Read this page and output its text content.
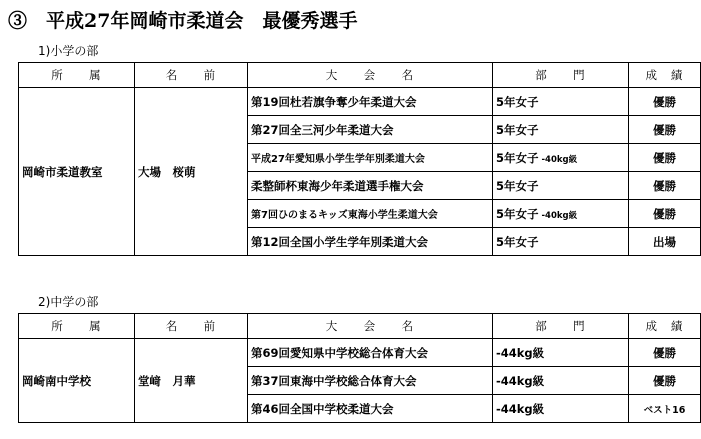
③　平成27年岡崎市柔道会　最優秀選手
1)小学の部
所　　属	名　　前	大　　会　　名	部　　門	成　績
岡崎市柔道教室	大場　桜萌	第19回杜若旗争奪少年柔道大会	5年女子	優勝
		第27回全三河少年柔道大会	5年女子	優勝
		平成27年愛知県小学生学年別柔道大会	5年女子 -40kg級	優勝
		柔整師杯東海少年柔道選手権大会	5年女子	優勝
		第7回ひのまるキッズ東海小学生柔道大会	5年女子 -40kg級	優勝
		第12回全国小学生学年別柔道大会	5年女子	出場
2)中学の部
所　　属	名　　前	大　　会　　名	部　　門	成　績
岡崎南中学校	堂﨑　月華	第69回愛知県中学校総合体育大会	-44kg級	優勝
		第37回東海中学校総合体育大会	-44kg級	優勝
		第46回全国中学校柔道大会	-44kg級	ベスト16
